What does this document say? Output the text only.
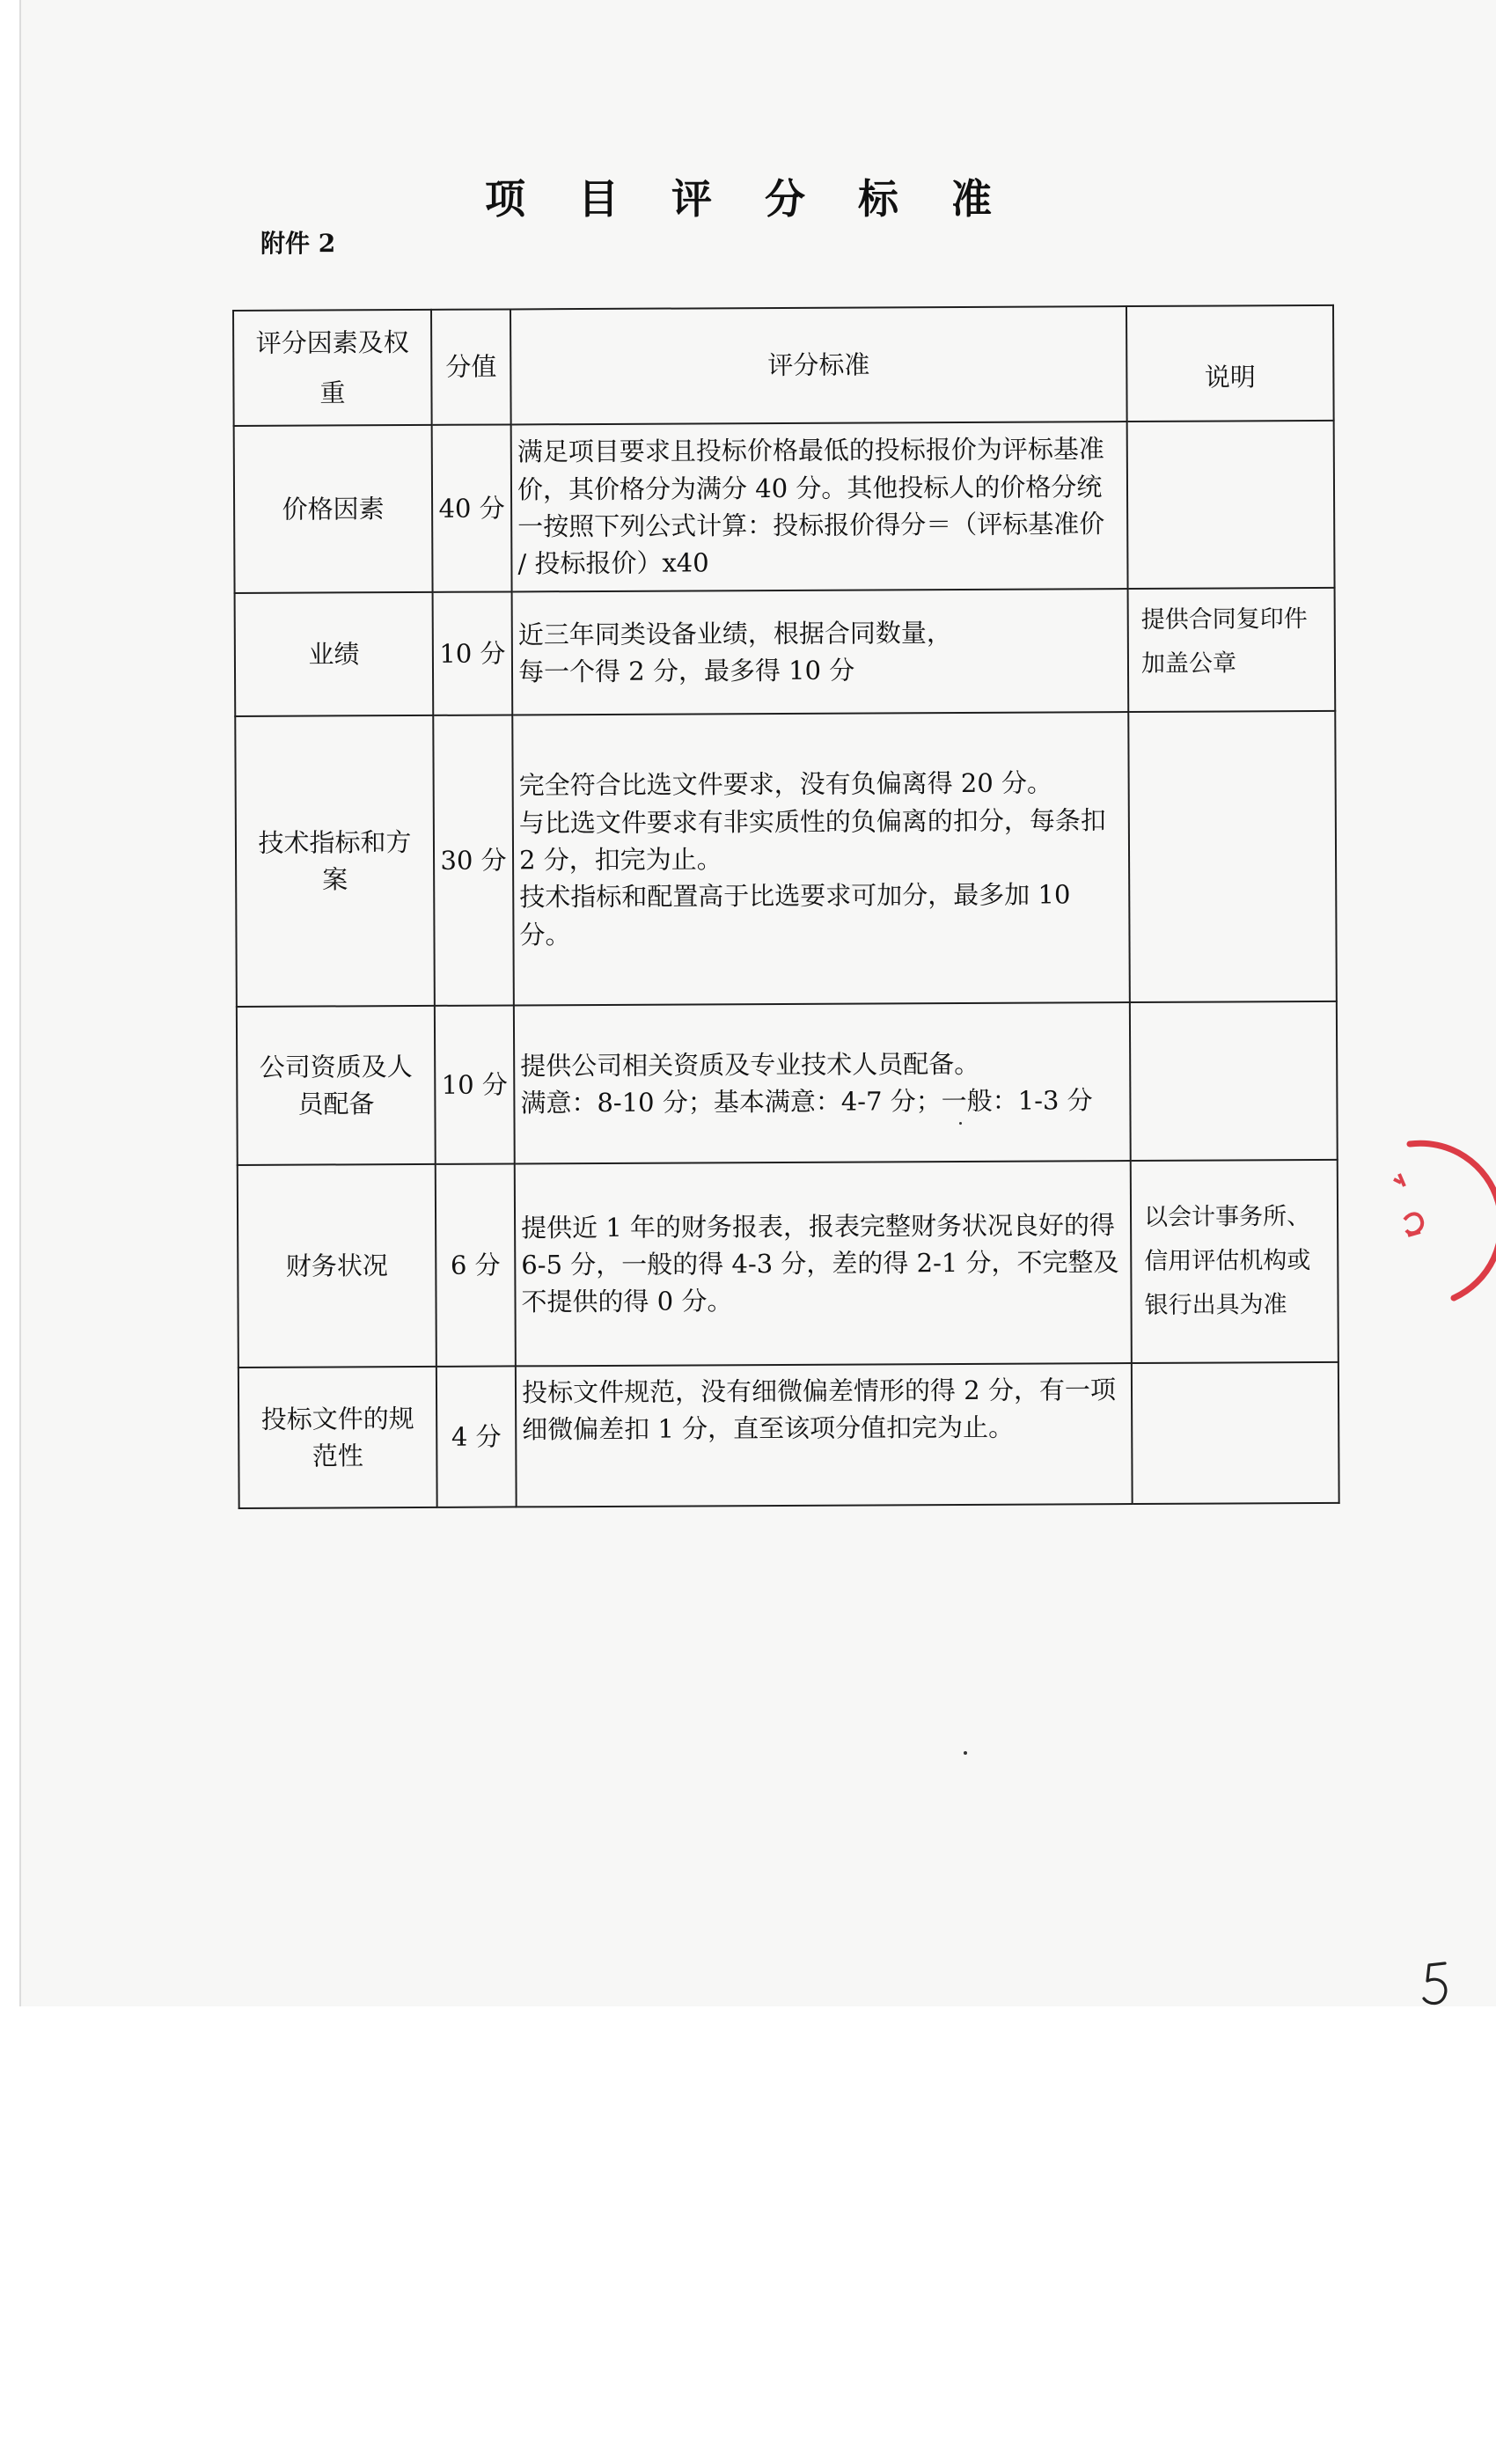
项 目 评 分 标 准
附件 2
评分因素及权重	分值	评分标准	说明
价格因素	40 分	满足项目要求且投标价格最低的投标报价为评标基准价，其价格分为满分 40 分。其他投标人的价格分统一按照下列公式计算：投标报价得分＝（评标基准价 / 投标报价）x40	
业绩	10 分	近三年同类设备业绩，根据合同数量，
每一个得 2 分，最多得 10 分	提供合同复印件加盖公章
技术指标和方案	30 分	完全符合比选文件要求，没有负偏离得 20 分。
与比选文件要求有非实质性的负偏离的扣分，每条扣 2 分，扣完为止。
技术指标和配置高于比选要求可加分，最多加 10 分。	

公司资质及人员配备	10 分	提供公司相关资质及专业技术人员配备。
满意：8-10 分；基本满意：4-7 分；一般：1-3 分	

财务状况	6 分	提供近 1 年的财务报表，报表完整财务状况良好的得 6-5 分，一般的得 4-3 分，差的得 2-1 分，不完整及不提供的得 0 分。	以会计事务所、信用评估机构或银行出具为准
投标文件的规范性	4 分	投标文件规范，没有细微偏差情形的得 2 分，有一项细微偏差扣 1 分，直至该项分值扣完为止。	
